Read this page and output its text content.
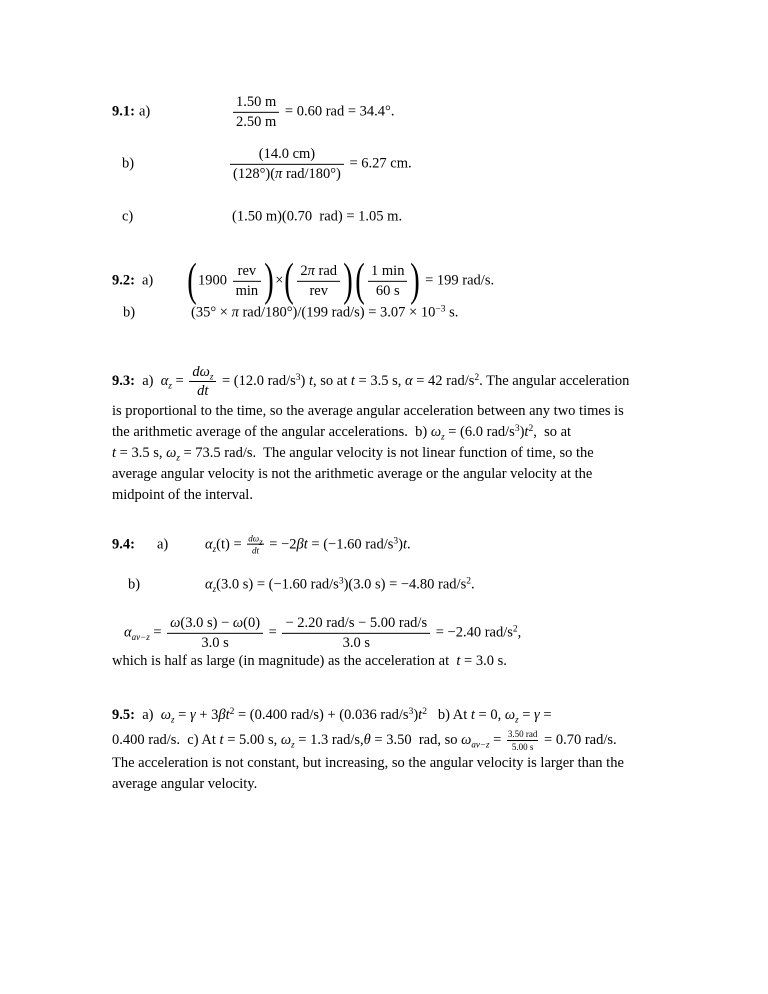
9.1: a)	$\frac{1.50 m}{2.50 m} = 0.60$ rad = 34.4°.
b)	$\frac{(14.0 cm)}{\text{(128°)(π rad/180°)}} = 6.27$ cm.
c)	(1.50 m)(0.70  rad) = 1.05 m.
9.2: a) ($1900 \frac{\text{rev}}{\min}$ )×( $\frac{\text{2π rad}}{\text{rev}}$ )( $\frac{1 \min}{60 s}$ ) = 199 rad/s.
b)	(35° × π rad/180°)/(199 $rad/s) = 3.07 \times 10^{-3}$ s.
9.3:  a)  $\alpha_z = \frac{d\omega_z}{dt} = (12.0$ rad/$s^3$) t, so at t = 3.5 s, α = 42 rad/$s^2$. The angular acceleration
is proportional to the time, so the average angular acceleration between any two times is
the arithmetic average of the angular accelerations.  b) $\omega_z = (6.0$ rad/$s^3)t^2$,  so at
t = 3.5 s, $\omega_z = 73.5$ rad/s.  The angular velocity is not linear function of time, so the
average angular velocity is not the arithmetic average or the angular velocity at the
midpoint of the interval.
9.4: a)	$\alpha_z(t) = \frac{d\omega_z}{dt} = -2\beta t = (-1.60$ rad/$s^3)t$.
b)	$\alpha_z(3.0$ s) = (−1.60 rad/$s^3)(3.0$ s) = −4.80 rad/$s^2$.
$\alpha_{av-z} = \frac{\omega(3.0 s) - \omega(0)}{3.0 s} = \frac{\text{− 2.20 rad/s − 5.00 rad/s}}{3.0 s} = -2.40$ rad/$s^2$,
which is half as large (in magnitude) as the acceleration at  t = 3.0 s.
9.5:  a)  $\omega_z = \gamma + 3\beta t^2 = (0.400$ rad/s) + (0.036 rad/$s^3)t^2$   b) At t = 0, $\omega_z = \gamma$ =
0.400 rad/s.  c) At t = 5.00 s, $\omega_z = 1.3$ rad/s,θ = 3.50  rad, so $\omega_{av-z} = \frac{\text{3.50 rad}}{5.00 s} = 0.70$ rad/s.
The acceleration is not constant, but increasing, so the angular velocity is larger than the
average angular velocity.
